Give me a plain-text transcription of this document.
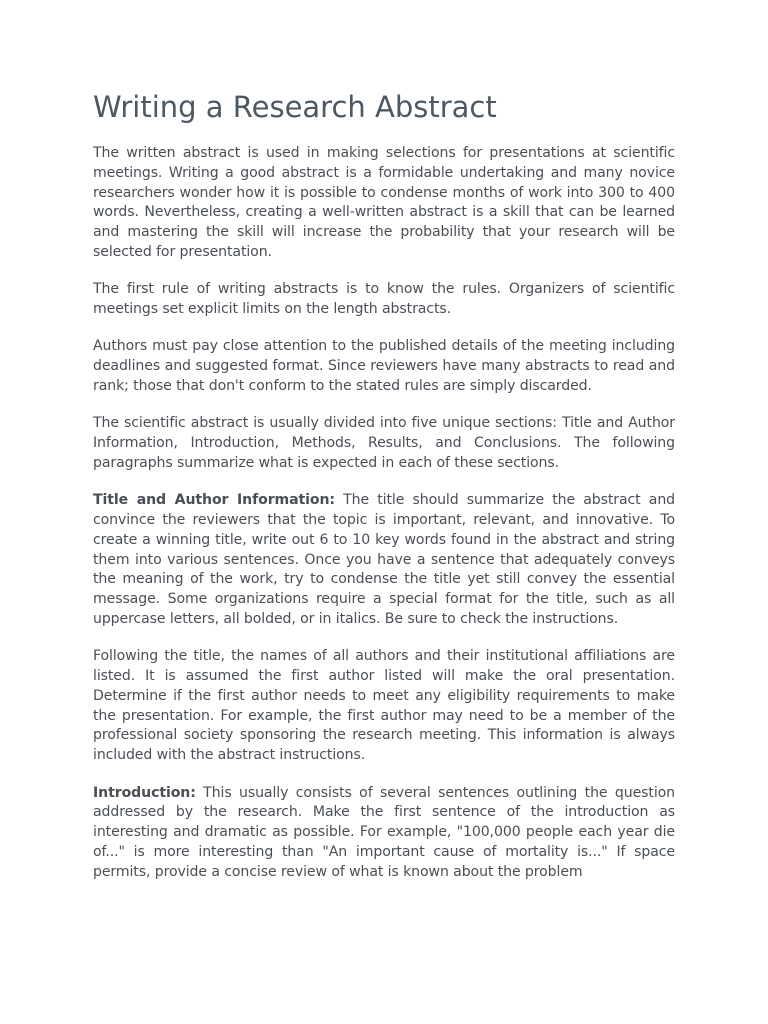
Writing a Research Abstract

The written abstract is used in making selections for presentations at scientific meetings. Writing a good abstract is a formidable undertaking and many novice researchers wonder how it is possible to condense months of work into 300 to 400 words. Nevertheless, creating a well-written abstract is a skill that can be learned and mastering the skill will increase the probability that your research will be selected for presentation.

The first rule of writing abstracts is to know the rules. Organizers of scientific meetings set explicit limits on the length abstracts.

Authors must pay close attention to the published details of the meeting including deadlines and suggested format. Since reviewers have many abstracts to read and rank; those that don't conform to the stated rules are simply discarded.

The scientific abstract is usually divided into five unique sections: Title and Author Information, Introduction, Methods, Results, and Conclusions. The following paragraphs summarize what is expected in each of these sections.

Title and Author Information: The title should summarize the abstract and convince the reviewers that the topic is important, relevant, and innovative. To create a winning title, write out 6 to 10 key words found in the abstract and string them into various sentences. Once you have a sentence that adequately conveys the meaning of the work, try to condense the title yet still convey the essential message. Some organizations require a special format for the title, such as all uppercase letters, all bolded, or in italics. Be sure to check the instructions.

Following the title, the names of all authors and their institutional affiliations are listed. It is assumed the first author listed will make the oral presentation. Determine if the first author needs to meet any eligibility requirements to make the presentation. For example, the first author may need to be a member of the professional society sponsoring the research meeting. This information is always included with the abstract instructions.

Introduction: This usually consists of several sentences outlining the question addressed by the research. Make the first sentence of the introduction as interesting and dramatic as possible. For example, "100,000 people each year die of..." is more interesting than "An important cause of mortality is..." If space permits, provide a concise review of what is known about the problem
